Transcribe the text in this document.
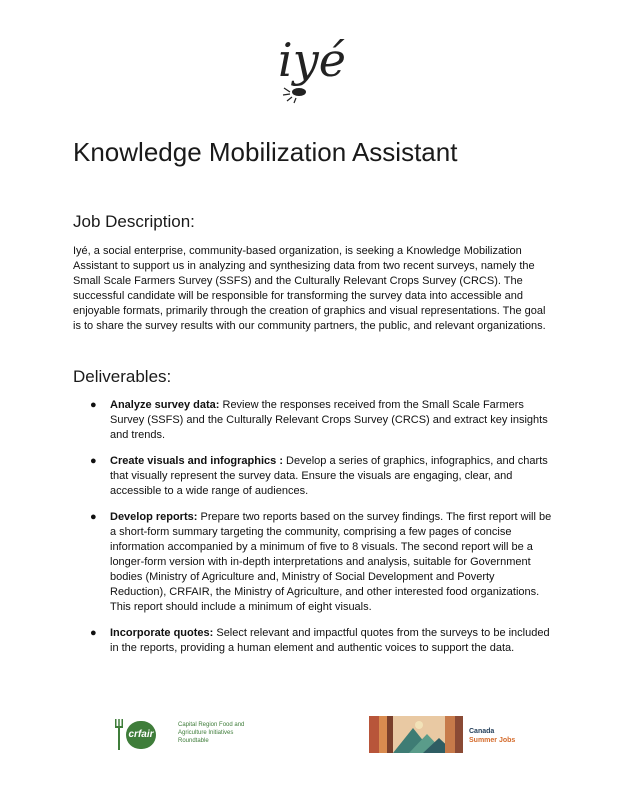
iyé
Knowledge Mobilization Assistant
Job Description:

Iyé, a social enterprise, community-based organization, is seeking a Knowledge Mobilization Assistant to support us in analyzing and synthesizing data from two recent surveys, namely the Small Scale Farmers Survey (SSFS) and the Culturally Relevant Crops Survey (CRCS). The successful candidate will be responsible for transforming the survey data into accessible and enjoyable formats, primarily through the creation of graphics and visual representations. The goal is to share the survey results with our community partners, the public, and relevant organizations.

Deliverables:
● Analyze survey data: Review the responses received from the Small Scale Farmers Survey (SSFS) and the Culturally Relevant Crops Survey (CRCS) and extract key insights and trends.
● Create visuals and infographics : Develop a series of graphics, infographics, and charts that visually represent the survey data. Ensure the visuals are engaging, clear, and accessible to a wide range of audiences.
● Develop reports: Prepare two reports based on the survey findings. The first report will be a short-form summary targeting the community, comprising a few pages of concise information accompanied by a minimum of five to 8 visuals. The second report will be a longer-form version with in-depth interpretations and analysis, suitable for Government bodies (Ministry of Agriculture and, Ministry of Social Development and Poverty Reduction), CRFAIR, the Ministry of Agriculture, and other interested food organizations. This report should include a minimum of eight visuals.
● Incorporate quotes: Select relevant and impactful quotes from the surveys to be included in the reports, providing a human element and authentic voices to support the data.
crfair
Capital Region Food and Agriculture Initiatives Roundtable
Canada
Summer Jobs
